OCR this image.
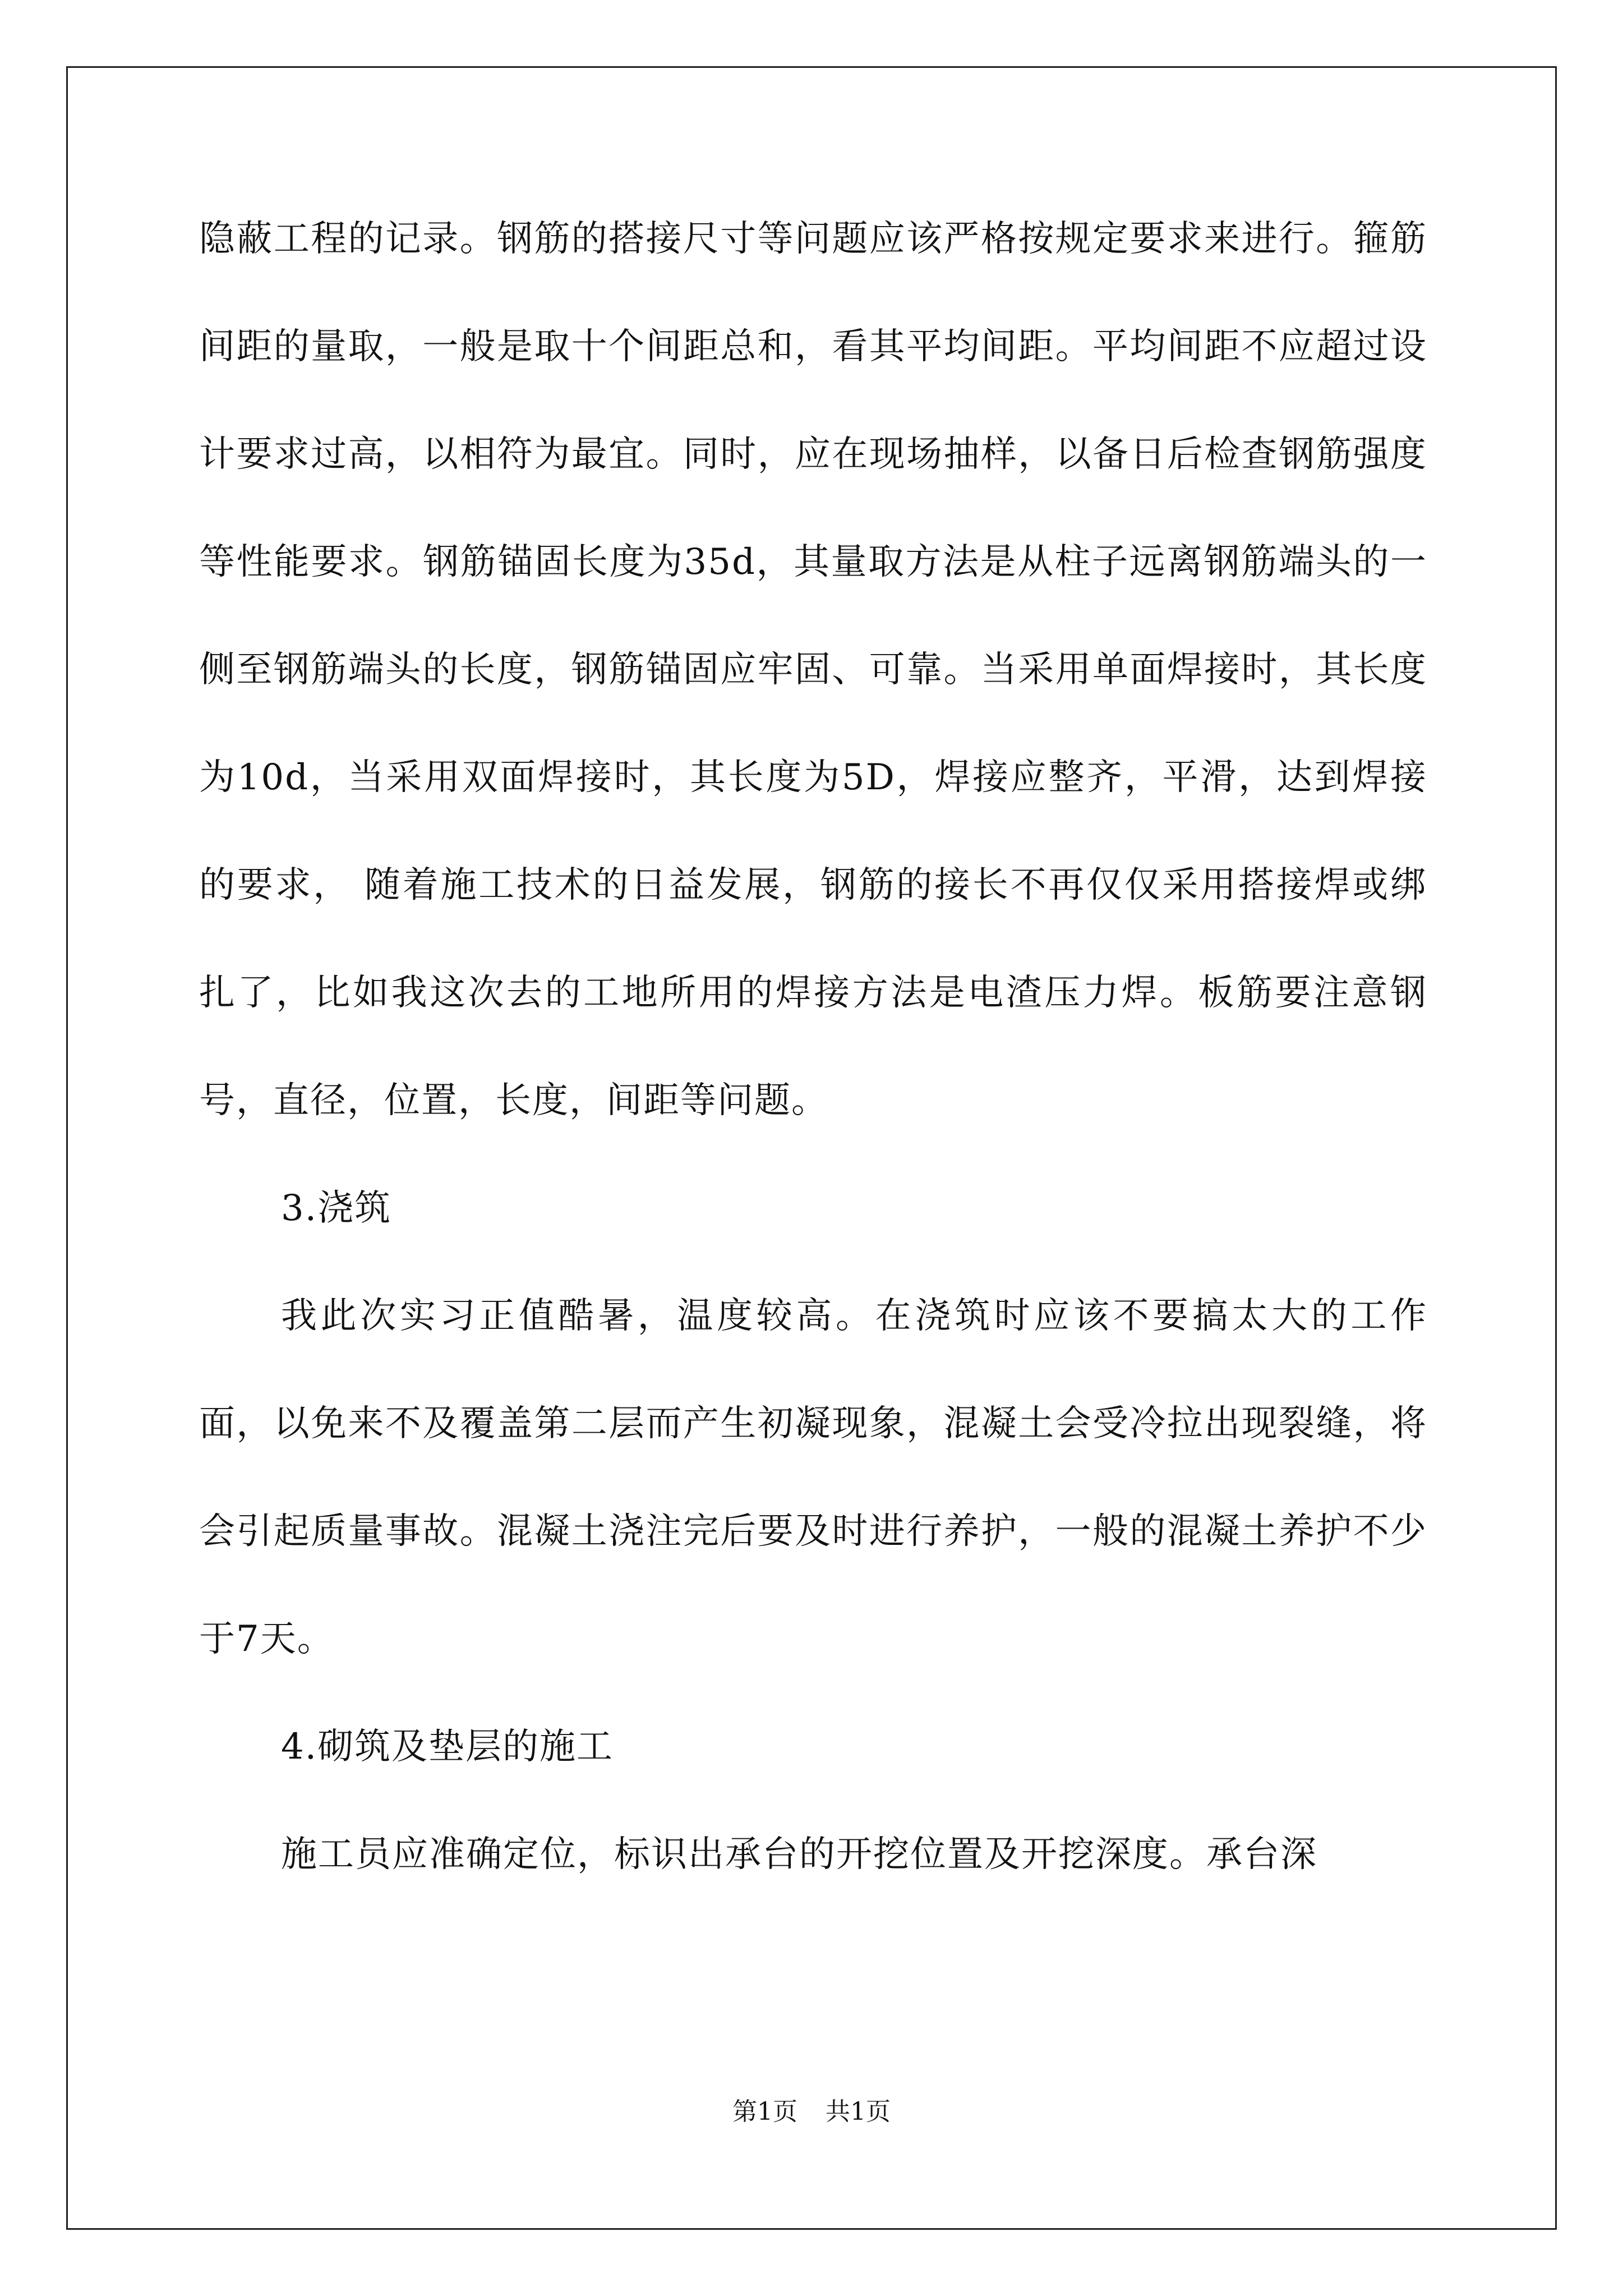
隐蔽工程的记录。钢筋的搭接尺寸等问题应该严格按规定要求来进行。箍筋间距的量取，一般是取十个间距总和，看其平均间距。平均间距不应超过设计要求过高，以相符为最宜。同时，应在现场抽样，以备日后检查钢筋强度等性能要求。钢筋锚固长度为35d，其量取方法是从柱子远离钢筋端头的一侧至钢筋端头的长度，钢筋锚固应牢固、可靠。当采用单面焊接时，其长度为10d，当采用双面焊接时，其长度为5D，焊接应整齐，平滑，达到焊接的要求， 随着施工技术的日益发展，钢筋的接长不再仅仅采用搭接焊或绑扎了，比如我这次去的工地所用的焊接方法是电渣压力焊。板筋要注意钢号，直径，位置，长度，间距等问题。

3.浇筑

我此次实习正值酷暑，温度较高。在浇筑时应该不要搞太大的工作面，以免来不及覆盖第二层而产生初凝现象，混凝土会受冷拉出现裂缝，将会引起质量事故。混凝土浇注完后要及时进行养护，一般的混凝土养护不少于7天。

4.砌筑及垫层的施工

施工员应准确定位，标识出承台的开挖位置及开挖深度。承台深

第1页 共1页
